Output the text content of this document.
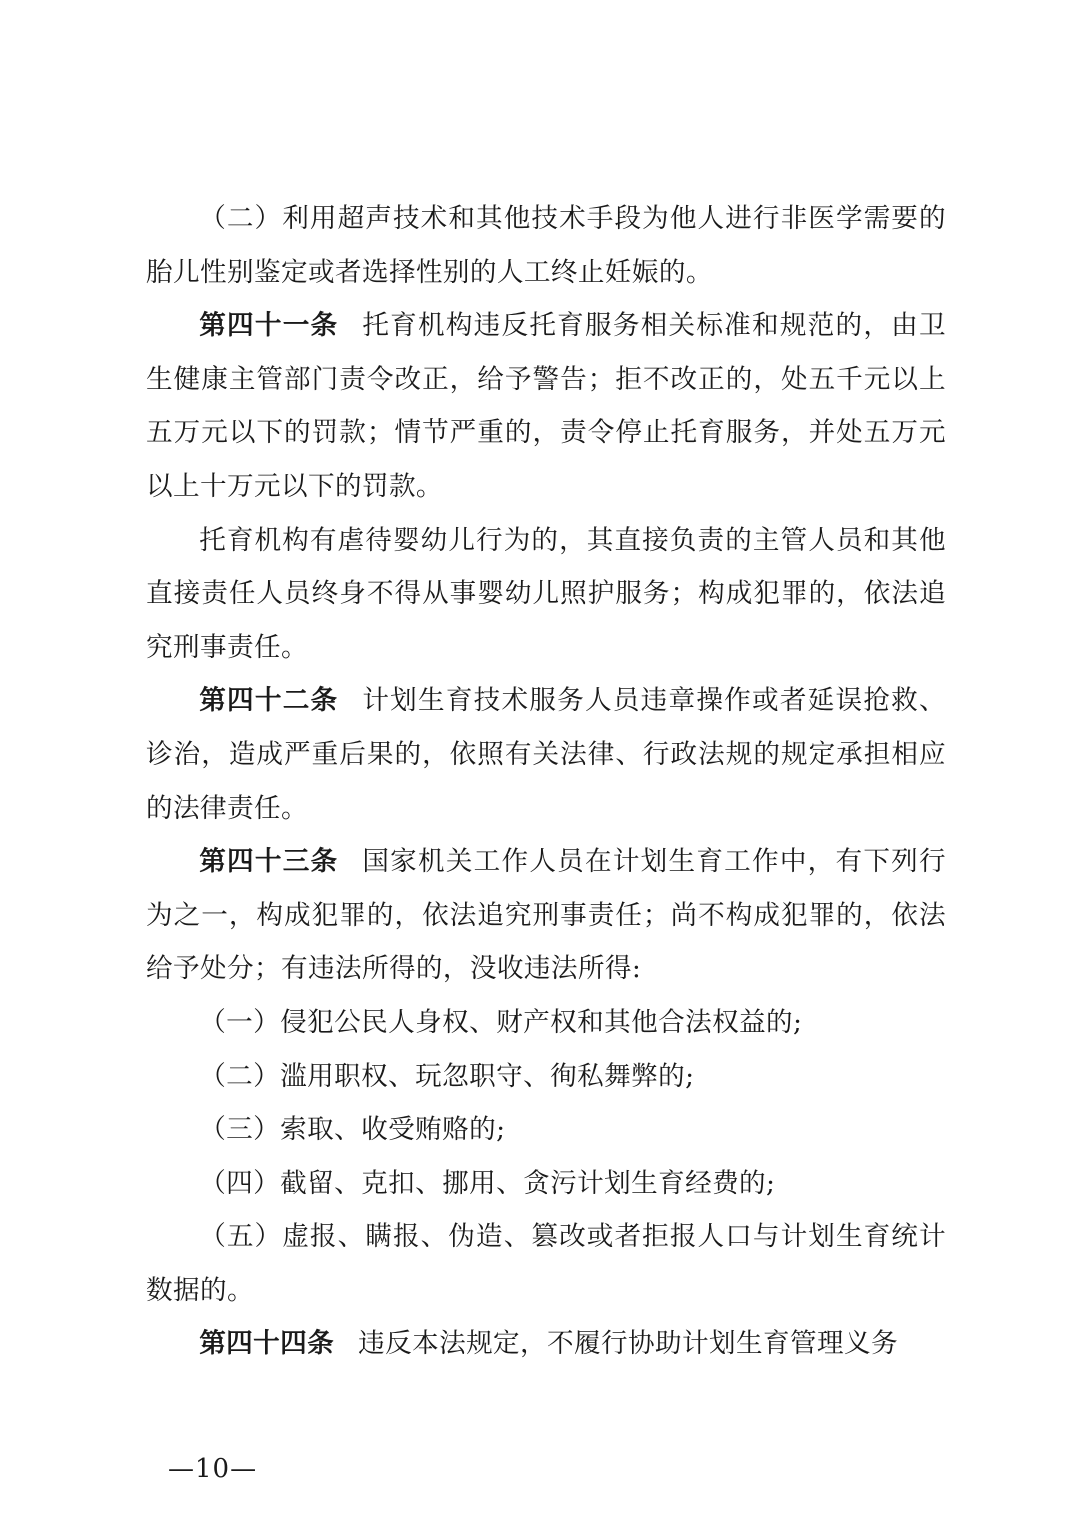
（二）利用超声技术和其他技术手段为他人进行非医学需要的胎儿性别鉴定或者选择性别的人工终止妊娠的。

第四十一条 托育机构违反托育服务相关标准和规范的，由卫生健康主管部门责令改正，给予警告；拒不改正的，处五千元以上五万元以下的罚款；情节严重的，责令停止托育服务，并处五万元以上十万元以下的罚款。

托育机构有虐待婴幼儿行为的，其直接负责的主管人员和其他直接责任人员终身不得从事婴幼儿照护服务；构成犯罪的，依法追究刑事责任。

第四十二条 计划生育技术服务人员违章操作或者延误抢救、诊治，造成严重后果的，依照有关法律、行政法规的规定承担相应的法律责任。

第四十三条 国家机关工作人员在计划生育工作中，有下列行为之一，构成犯罪的，依法追究刑事责任；尚不构成犯罪的，依法给予处分；有违法所得的，没收违法所得:

（一）侵犯公民人身权、财产权和其他合法权益的;

（二）滥用职权、玩忽职守、徇私舞弊的;

（三）索取、收受贿赂的;

（四）截留、克扣、挪用、贪污计划生育经费的;

（五）虚报、瞒报、伪造、篡改或者拒报人口与计划生育统计数据的。

第四十四条 违反本法规定，不履行协助计划生育管理义务

—10—
